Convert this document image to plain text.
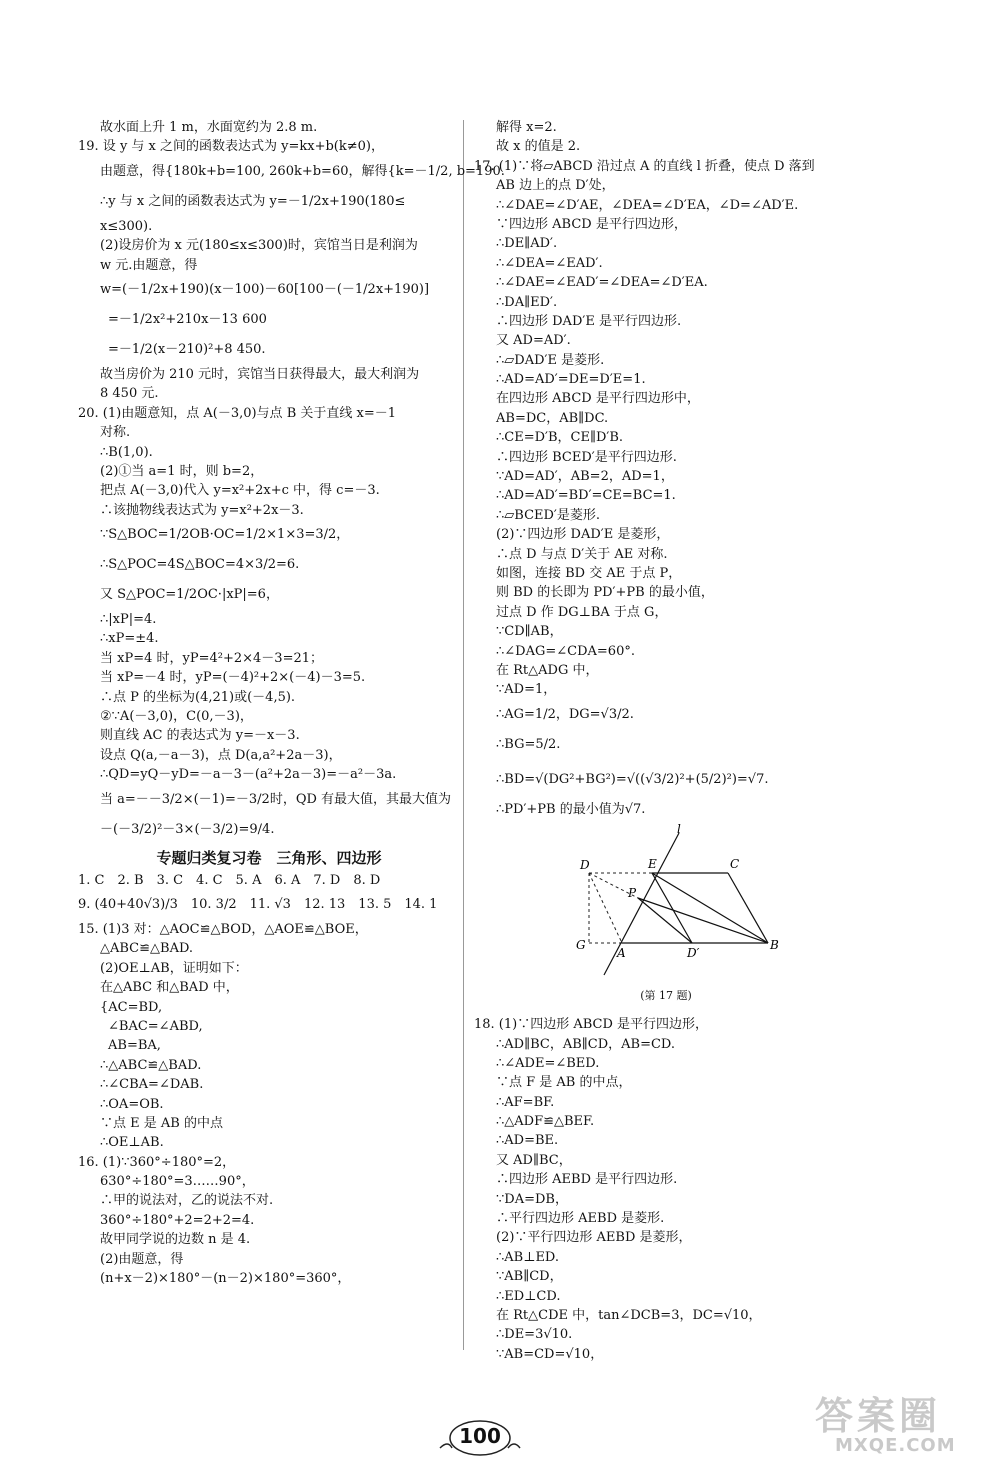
故水面上升 1 m，水面宽约为 2.8 m.
19. 设 y 与 x 之间的函数表达式为 y=kx+b(k≠0)，
由题意，得{180k+b=100, 260k+b=60，解得{k=－1/2, b=190.
∴y 与 x 之间的函数表达式为 y=－1/2x+190(180≤
x≤300).
(2)设房价为 x 元(180≤x≤300)时，宾馆当日是利润为
w 元.由题意，得
w=(－1/2x+190)(x－100)－60[100－(－1/2x+190)]
=－1/2x²+210x－13 600
=－1/2(x－210)²+8 450.
故当房价为 210 元时，宾馆当日获得最大，最大利润为
8 450 元.
20. (1)由题意知，点 A(－3,0)与点 B 关于直线 x=－1
对称.
∴B(1,0).
(2)①当 a=1 时，则 b=2，
把点 A(－3,0)代入 y=x²+2x+c 中，得 c=－3.
∴该抛物线表达式为 y=x²+2x－3.
∵S△BOC=1/2OB·OC=1/2×1×3=3/2，
∴S△POC=4S△BOC=4×3/2=6.
又 S△POC=1/2OC·|xP|=6，
∴|xP|=4.
∴xP=±4.
当 xP=4 时，yP=4²+2×4－3=21；
当 xP=－4 时，yP=(－4)²+2×(－4)－3=5.
∴点 P 的坐标为(4,21)或(－4,5).
②∵A(－3,0)，C(0,－3)，
则直线 AC 的表达式为 y=－x－3.
设点 Q(a,－a－3)，点 D(a,a²+2a－3)，
∴QD=yQ－yD=－a－3－(a²+2a－3)=－a²－3a.
当 a=－－3/2×(－1)=－3/2时，QD 有最大值，其最大值为
－(－3/2)²－3×(－3/2)=9/4.
专题归类复习卷　三角形、四边形
1. C　2. B　3. C　4. C　5. A　6. A　7. D　8. D
9. (40+40√3)/3　10. 3/2　11. √3　12. 13　13. 5　14. 1
15. (1)3 对：△AOC≌△BOD，△AOE≌△BOE，
△ABC≌△BAD.
(2)OE⊥AB，证明如下：
在△ABC 和△BAD 中，
{AC=BD,
∠BAC=∠ABD,
AB=BA,
∴△ABC≌△BAD.
∴∠CBA=∠DAB.
∴OA=OB.
∵点 E 是 AB 的中点
∴OE⊥AB.
16. (1)∵360°÷180°=2，
630°÷180°=3……90°，
∴甲的说法对，乙的说法不对.
360°÷180°+2=2+2=4.
故甲同学说的边数 n 是 4.
(2)由题意，得
(n+x－2)×180°－(n－2)×180°=360°，
解得 x=2.
故 x 的值是 2.
17. (1)∵将▱ABCD 沿过点 A 的直线 l 折叠，使点 D 落到
AB 边上的点 D′处，
∴∠DAE=∠D′AE，∠DEA=∠D′EA，∠D=∠AD′E.
∵四边形 ABCD 是平行四边形，
∴DE∥AD′.
∴∠DEA=∠EAD′.
∴∠DAE=∠EAD′=∠DEA=∠D′EA.
∴DA∥ED′.
∴四边形 DAD′E 是平行四边形.
又 AD=AD′.
∴▱DAD′E 是菱形.
∴AD=AD′=DE=D′E=1.
在四边形 ABCD 是平行四边形中，
AB=DC，AB∥DC.
∴CE=D′B，CE∥D′B.
∴四边形 BCED′是平行四边形.
∵AD=AD′，AB=2，AD=1，
∴AD=AD′=BD′=CE=BC=1.
∴▱BCED′是菱形.
(2)∵四边形 DAD′E 是菱形，
∴点 D 与点 D′关于 AE 对称.
如图，连接 BD 交 AE 于点 P，
则 BD 的长即为 PD′+PB 的最小值，
过点 D 作 DG⊥BA 于点 G，
∵CD∥AB，
∴∠DAG=∠CDA=60°.
在 Rt△ADG 中，
∵AD=1，
∴AG=1/2，DG=√3/2.
∴BG=5/2.
∴BD=√(DG²+BG²)=√((√3/2)²+(5/2)²)=√7.
∴PD′+PB 的最小值为√7.
l
D	E	C
P
G
A	D′
B
(第 17 题)
18. (1)∵四边形 ABCD 是平行四边形，
∴AD∥BC，AB∥CD，AB=CD.
∴∠ADE=∠BED.
∵点 F 是 AB 的中点，
∴AF=BF.
∴△ADF≌△BEF.
∴AD=BE.
又 AD∥BC，
∴四边形 AEBD 是平行四边形.
∵DA=DB，
∴平行四边形 AEBD 是菱形.
(2)∵平行四边形 AEBD 是菱形，
∴AB⊥ED.
∵AB∥CD，
∴ED⊥CD.
在 Rt△CDE 中，tan∠DCB=3，DC=√10，
∴DE=3√10.
∵AB=CD=√10，
100	答案圈
MXQE.COM
